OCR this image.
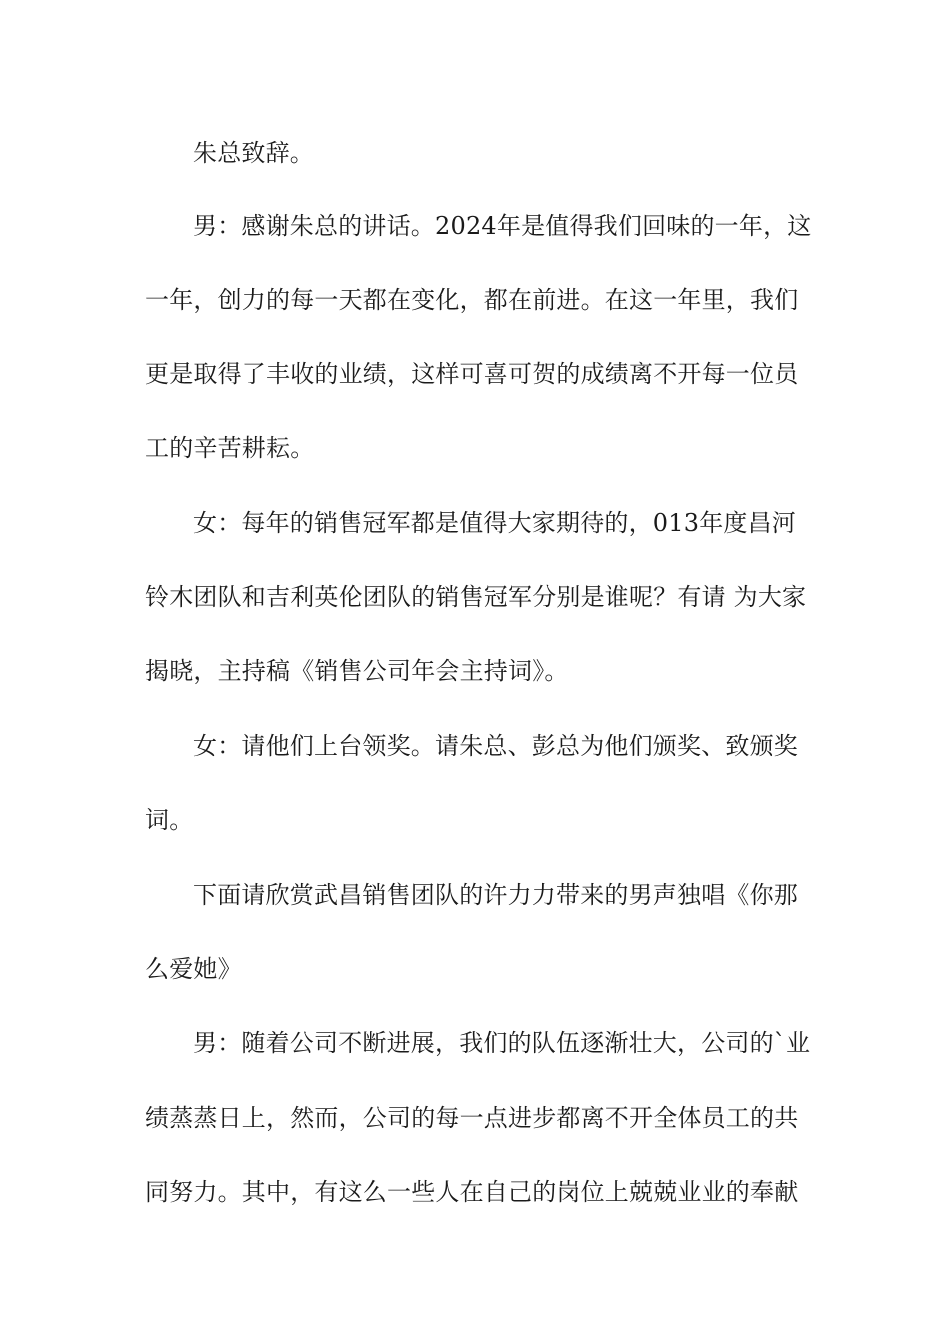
朱总致辞。
男：感谢朱总的讲话。2024年是值得我们回味的一年，这
一年，创力的每一天都在变化，都在前进。在这一年里，我们
更是取得了丰收的业绩，这样可喜可贺的成绩离不开每一位员
工的辛苦耕耘。
女：每年的销售冠军都是值得大家期待的，013年度昌河
铃木团队和吉利英伦团队的销售冠军分别是谁呢？有请 为大家
揭晓，主持稿《销售公司年会主持词》。
女：请他们上台领奖。请朱总、彭总为他们颁奖、致颁奖
词。
下面请欣赏武昌销售团队的许力力带来的男声独唱《你那
么爱她》
男：随着公司不断进展，我们的队伍逐渐壮大，公司的`业
绩蒸蒸日上，然而，公司的每一点进步都离不开全体员工的共
同努力。其中，有这么一些人在自己的岗位上兢兢业业的奉献
